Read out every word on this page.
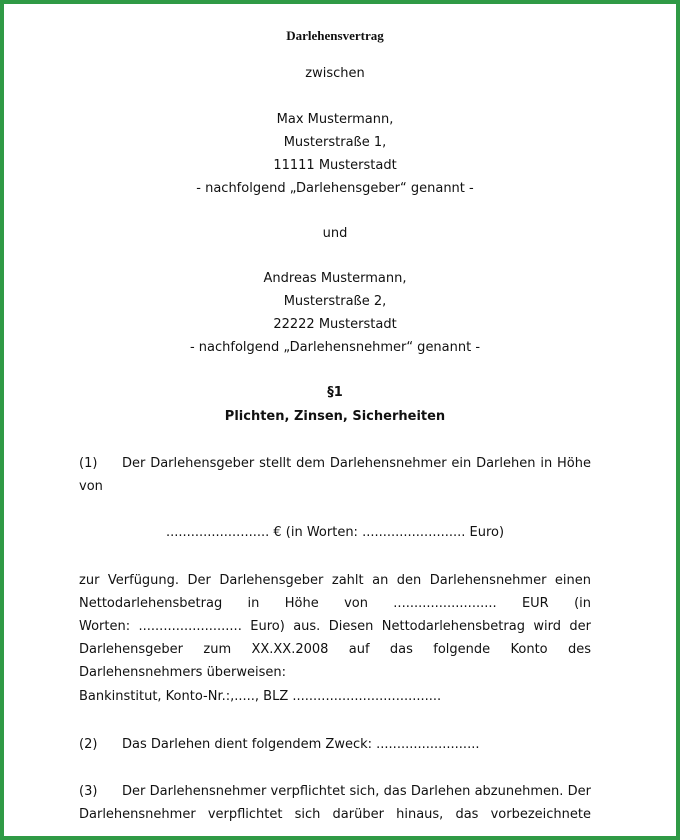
Darlehensvertrag
zwischen
Max Mustermann,
Musterstraße 1,
11111 Musterstadt
- nachfolgend „Darlehensgeber“ genannt -
und
Andreas Mustermann,
Musterstraße 2,
22222 Musterstadt
- nachfolgend „Darlehensnehmer“ genannt -
§1
Plichten, Zinsen, Sicherheiten
(1) Der Darlehensgeber stellt dem Darlehensnehmer ein Darlehen in Höhe
von
......................... € (in Worten: ......................... Euro)
zur Verfügung. Der Darlehensgeber zahlt an den Darlehensnehmer einen
Nettodarlehensbetrag in Höhe von ......................... EUR (in
Worten: ......................... Euro) aus. Diesen Nettodarlehensbetrag wird der
Darlehensgeber zum XX.XX.2008 auf das folgende Konto des
Darlehensnehmers überweisen:
Bankinstitut, Konto-Nr.:,....., BLZ ....................................
(2) Das Darlehen dient folgendem Zweck: .........................
(3) Der Darlehensnehmer verpflichtet sich, das Darlehen abzunehmen. Der
Darlehensnehmer verpflichtet sich darüber hinaus, das vorbezeichnete
